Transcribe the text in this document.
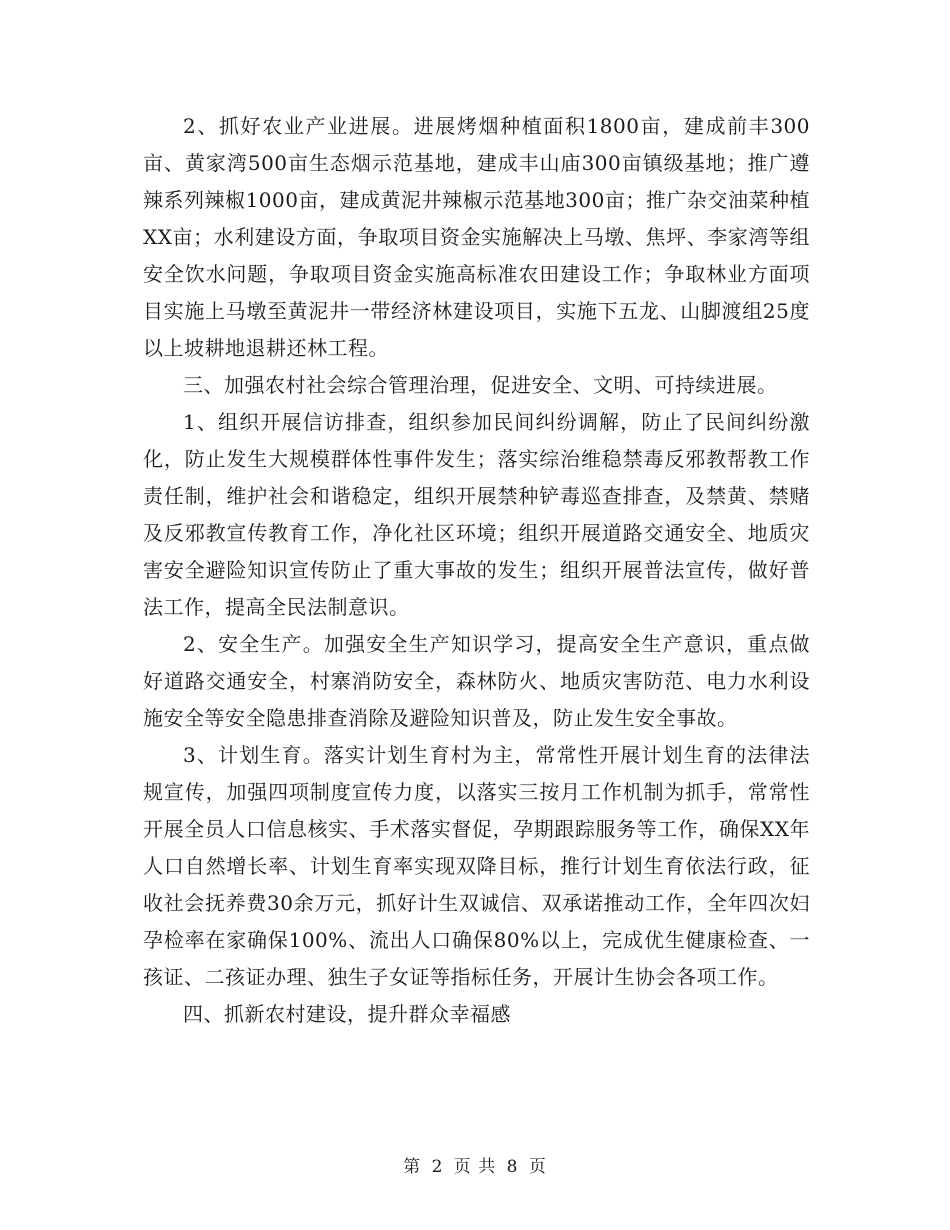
2、抓好农业产业进展。进展烤烟种植面积1800亩，建成前丰300亩、黄家湾500亩生态烟示范基地，建成丰山庙300亩镇级基地；推广遵辣系列辣椒1000亩，建成黄泥井辣椒示范基地300亩；推广杂交油菜种植XX亩；水利建设方面，争取项目资金实施解决上马墩、焦坪、李家湾等组安全饮水问题，争取项目资金实施高标准农田建设工作；争取林业方面项目实施上马墩至黄泥井一带经济林建设项目，实施下五龙、山脚渡组25度以上坡耕地退耕还林工程。

三、加强农村社会综合管理治理，促进安全、文明、可持续进展。

1、组织开展信访排查，组织参加民间纠纷调解，防止了民间纠纷激化，防止发生大规模群体性事件发生；落实综治维稳禁毒反邪教帮教工作责任制，维护社会和谐稳定，组织开展禁种铲毒巡查排查，及禁黄、禁赌及反邪教宣传教育工作，净化社区环境；组织开展道路交通安全、地质灾害安全避险知识宣传防止了重大事故的发生；组织开展普法宣传，做好普法工作，提高全民法制意识。

2、安全生产。加强安全生产知识学习，提高安全生产意识，重点做好道路交通安全，村寨消防安全，森林防火、地质灾害防范、电力水利设施安全等安全隐患排查消除及避险知识普及，防止发生安全事故。

3、计划生育。落实计划生育村为主，常常性开展计划生育的法律法规宣传，加强四项制度宣传力度，以落实三按月工作机制为抓手，常常性开展全员人口信息核实、手术落实督促，孕期跟踪服务等工作，确保XX年人口自然增长率、计划生育率实现双降目标，推行计划生育依法行政，征收社会抚养费30余万元，抓好计生双诚信、双承诺推动工作，全年四次妇孕检率在家确保100%、流出人口确保80%以上，完成优生健康检查、一孩证、二孩证办理、独生子女证等指标任务，开展计生协会各项工作。

四、抓新农村建设，提升群众幸福感

第 2 页 共 8 页
